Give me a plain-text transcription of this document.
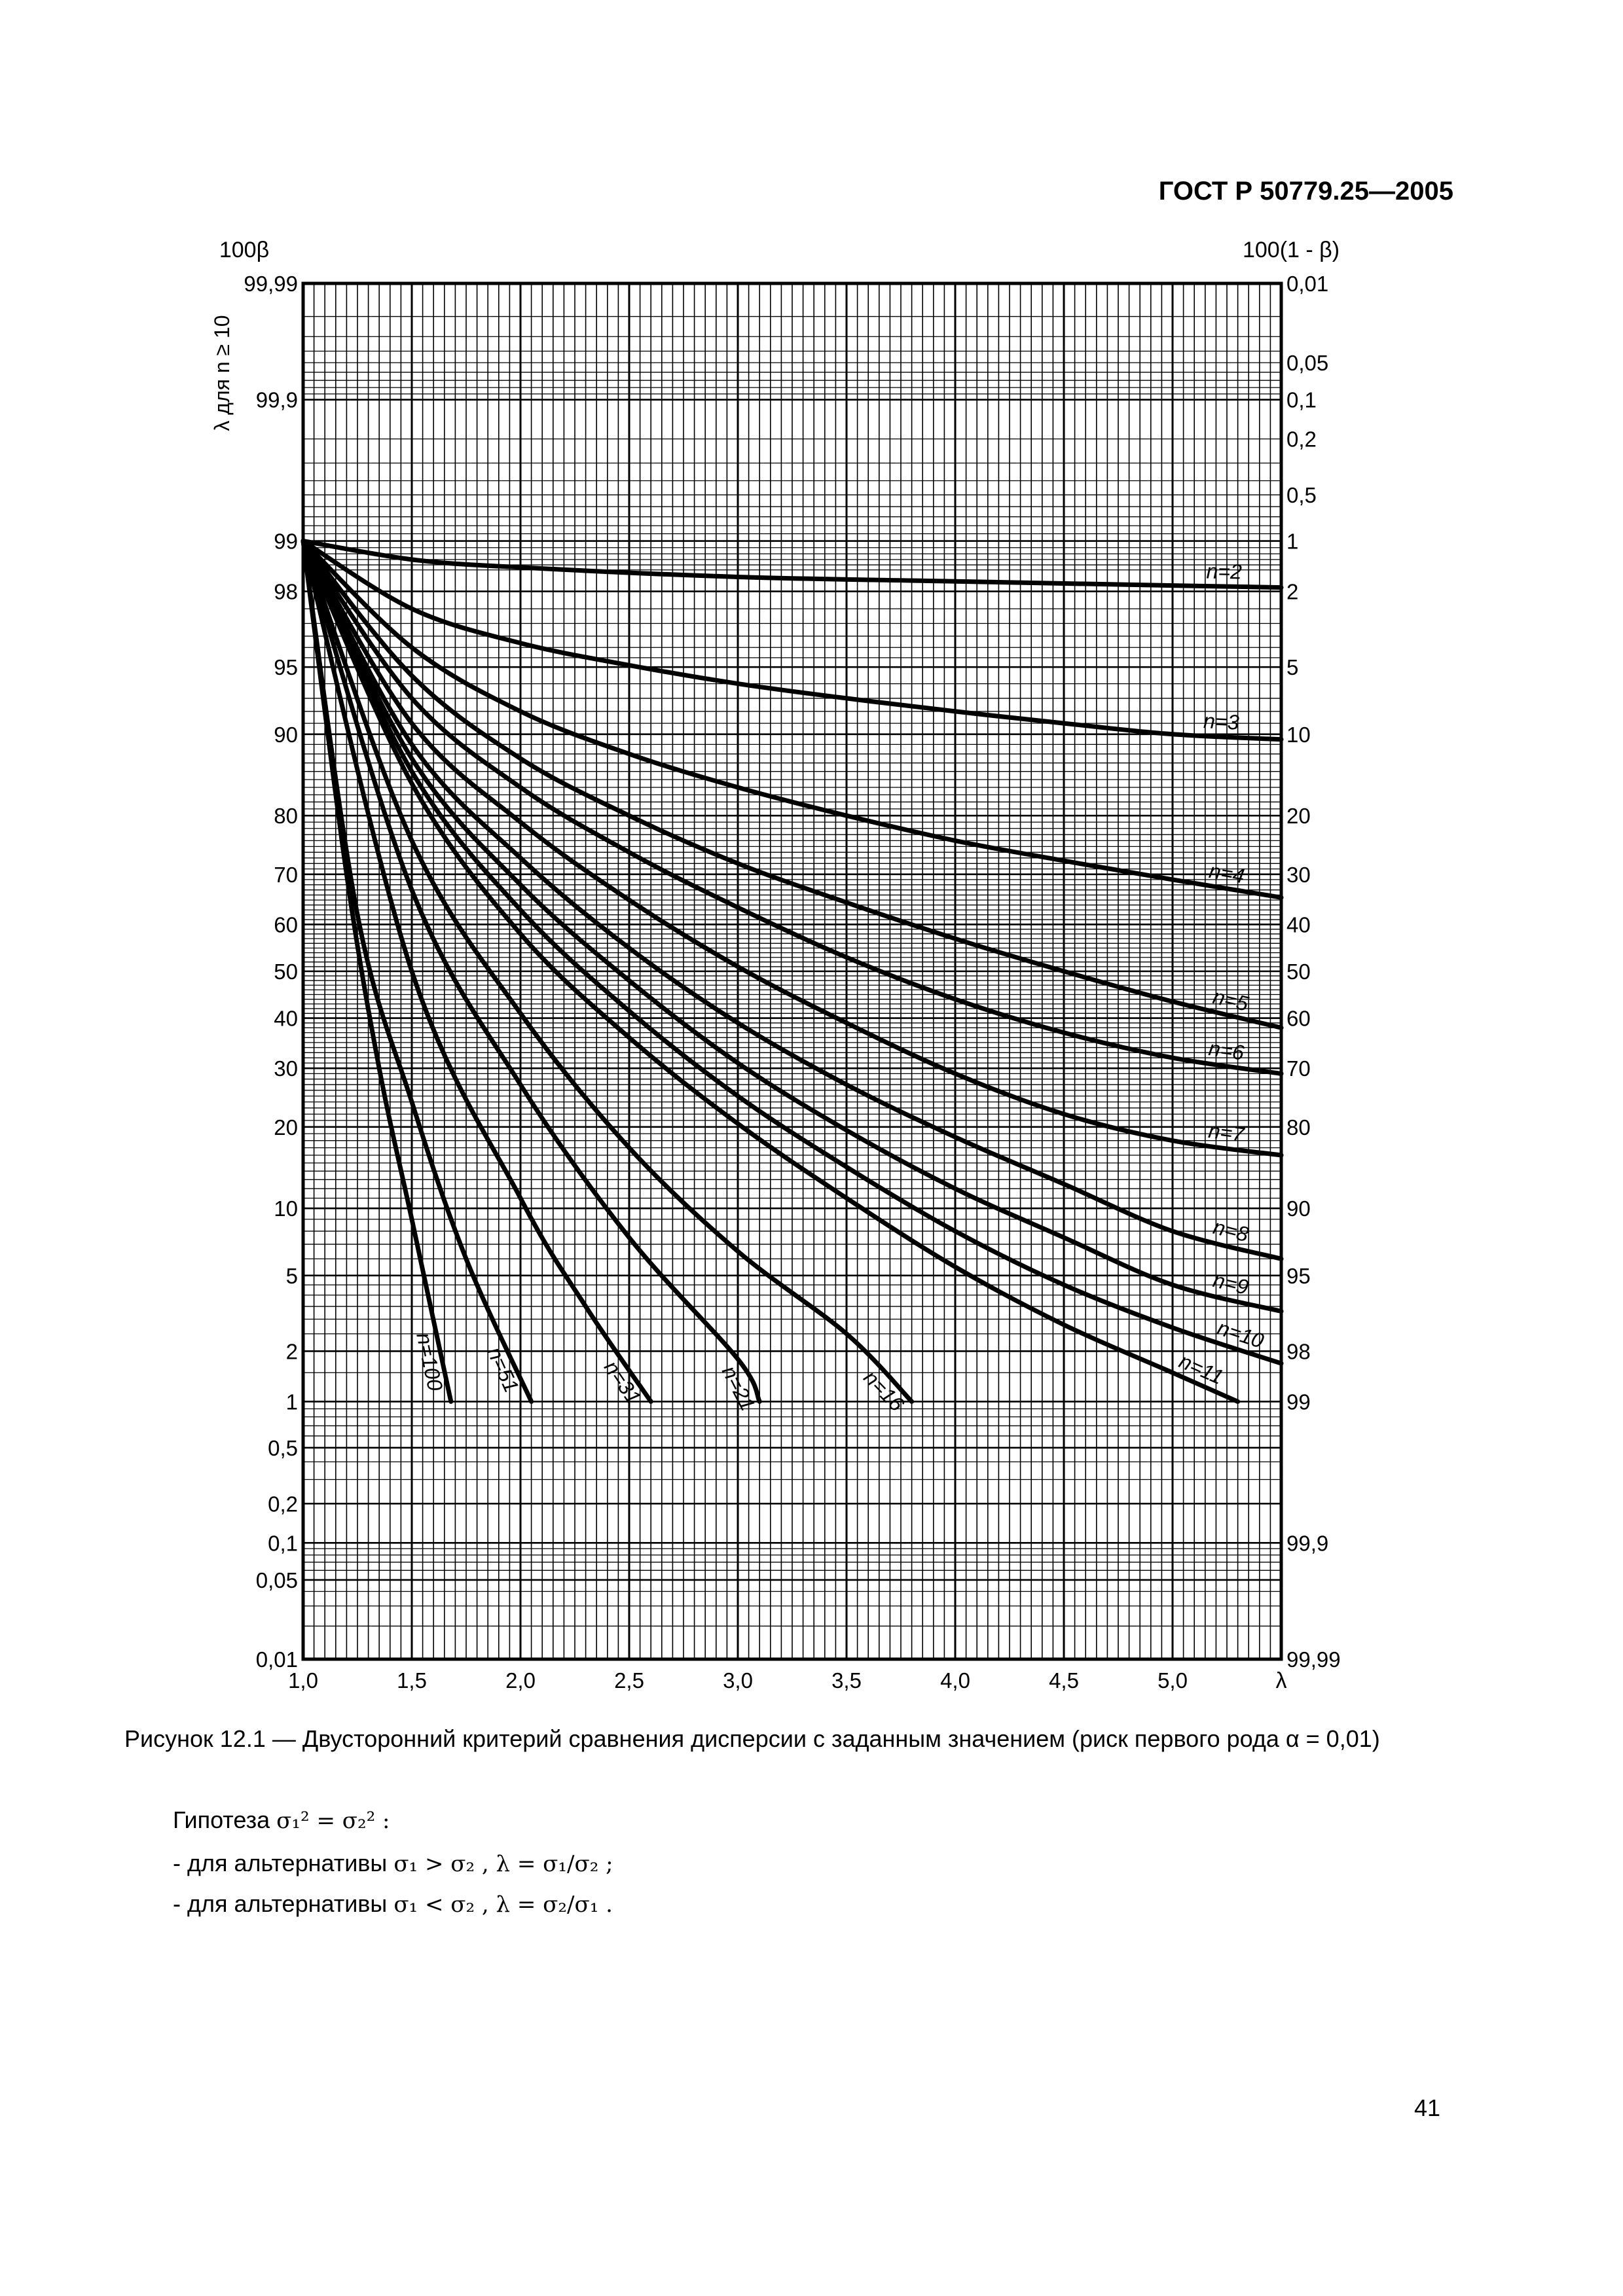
ГОСТ Р 50779.25—2005
1,0	1,5	2,0	2,5	3,0	3,5	4,0	4,5	5,0
99,99
99,9
99
98
95
90
80
70
60
50
40
30
20
10
5
2
1
0,5
0,2
0,1
0,05
0,01
0,01
0,05
0,1
0,2
0,5
1
2
5
10
20
30
40
50
60
70
80
90
95
98
99
99,9
99,99
n=2
n=3
n=4
n=5
n=6
n=7
n=8
n=9
n=10
n=11
n=16
n=21
n=31
n=51
n=100
λ
100β	100(1 - β)
λ для n ≥ 10
Рисунок 12.1 — Двусторонний критерий сравнения дисперсии с заданным значением (риск первого рода α = 0,01)
Гипотеза σ₁² = σ₂² :
- для альтернативы σ₁ > σ₂ , λ = σ₁/σ₂ ;
- для альтернативы σ₁ < σ₂ , λ = σ₂/σ₁ .
41
